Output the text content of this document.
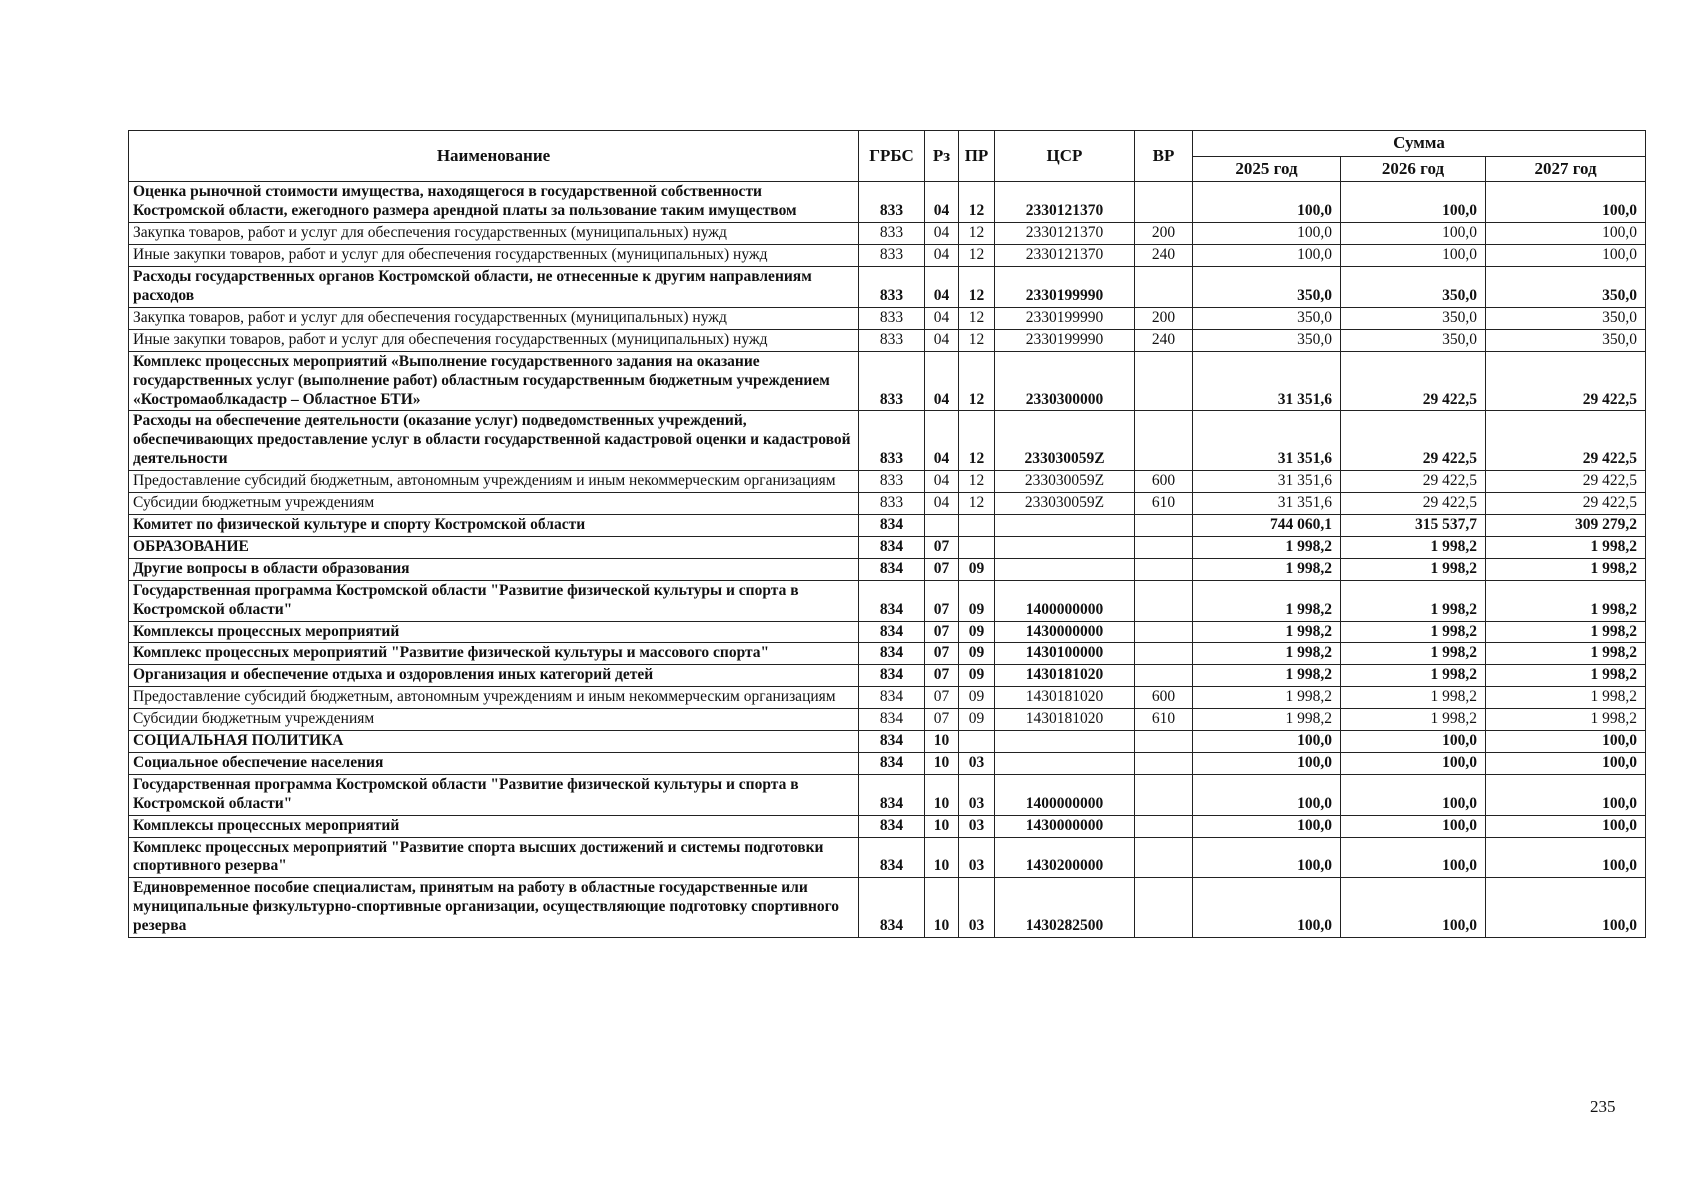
Наименование	ГРБС	Рз	ПР	ЦСР	ВР	Сумма		
						2025 год	2026 год	2027 год
Оценка рыночной стоимости имущества, находящегося в государственной собственности Костромской области, ежегодного размера арендной платы за пользование таким имуществом	833	04	12	2330121370		100,0	100,0	100,0
Закупка товаров, работ и услуг для обеспечения государственных (муниципальных) нужд	833	04	12	2330121370	200	100,0	100,0	100,0
Иные закупки товаров, работ и услуг для обеспечения государственных (муниципальных) нужд	833	04	12	2330121370	240	100,0	100,0	100,0
Расходы государственных органов Костромской области, не отнесенные к другим направлениям расходов	833	04	12	2330199990		350,0	350,0	350,0
Закупка товаров, работ и услуг для обеспечения государственных (муниципальных) нужд	833	04	12	2330199990	200	350,0	350,0	350,0
Иные закупки товаров, работ и услуг для обеспечения государственных (муниципальных) нужд	833	04	12	2330199990	240	350,0	350,0	350,0
Комплекс процессных мероприятий «Выполнение государственного задания на оказание государственных услуг (выполнение работ) областным государственным бюджетным учреждением «Костромаоблкадастр – Областное БТИ»	833	04	12	2330300000		31 351,6	29 422,5	29 422,5
Расходы на обеспечение деятельности (оказание услуг) подведомственных учреждений, обеспечивающих предоставление услуг в области государственной кадастровой оценки и кадастровой деятельности	833	04	12	233030059Z		31 351,6	29 422,5	29 422,5
Предоставление субсидий бюджетным, автономным учреждениям и иным некоммерческим организациям	833	04	12	233030059Z	600	31 351,6	29 422,5	29 422,5
Субсидии бюджетным учреждениям	833	04	12	233030059Z	610	31 351,6	29 422,5	29 422,5
Комитет по физической культуре и спорту Костромской области	834					744 060,1	315 537,7	309 279,2
ОБРАЗОВАНИЕ	834	07				1 998,2	1 998,2	1 998,2
Другие вопросы в области образования	834	07	09			1 998,2	1 998,2	1 998,2
Государственная программа Костромской области "Развитие физической культуры и спорта в Костромской области"	834	07	09	1400000000		1 998,2	1 998,2	1 998,2
Комплексы процессных мероприятий	834	07	09	1430000000		1 998,2	1 998,2	1 998,2
Комплекс процессных мероприятий "Развитие физической культуры и массового спорта"	834	07	09	1430100000		1 998,2	1 998,2	1 998,2
Организация и обеспечение отдыха и оздоровления иных категорий детей	834	07	09	1430181020		1 998,2	1 998,2	1 998,2
Предоставление субсидий бюджетным, автономным учреждениям и иным некоммерческим организациям	834	07	09	1430181020	600	1 998,2	1 998,2	1 998,2
Субсидии бюджетным учреждениям	834	07	09	1430181020	610	1 998,2	1 998,2	1 998,2
СОЦИАЛЬНАЯ ПОЛИТИКА	834	10				100,0	100,0	100,0
Социальное обеспечение населения	834	10	03			100,0	100,0	100,0
Государственная программа Костромской области "Развитие физической культуры и спорта в Костромской области"	834	10	03	1400000000		100,0	100,0	100,0
Комплексы процессных мероприятий	834	10	03	1430000000		100,0	100,0	100,0
Комплекс процессных мероприятий "Развитие спорта высших достижений и системы подготовки спортивного резерва"	834	10	03	1430200000		100,0	100,0	100,0
Единовременное пособие специалистам, принятым на работу в областные государственные или муниципальные физкультурно-спортивные организации, осуществляющие подготовку спортивного резерва	834	10	03	1430282500		100,0	100,0	100,0
235
